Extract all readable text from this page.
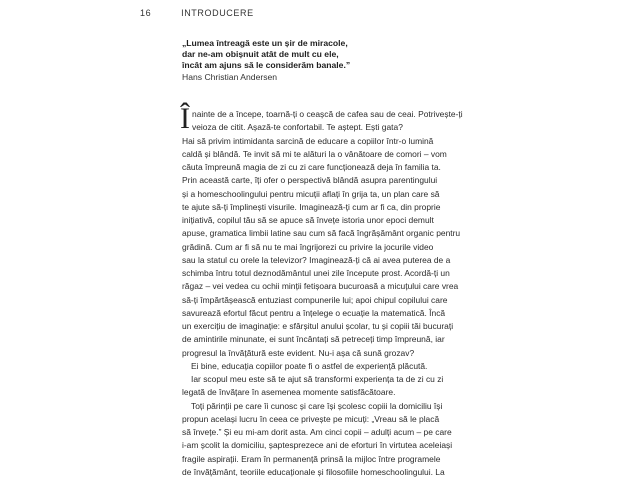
16	INTRODUCERE
„Lumea întreagă este un șir de miracole,
dar ne-am obișnuit atât de mult cu ele,
încât am ajuns să le considerăm banale.”
Hans Christian Andersen
Î nainte de a începe, toarnă-ți o ceașcă de cafea sau de ceai. Potrivește-ți
veioza de citit. Așază-te confortabil. Te aștept. Ești gata?
Hai să privim intimidanta sarcină de educare a copiilor într-o lumină
caldă și blândă. Te invit să mi te alături la o vânătoare de comori – vom
căuta împreună magia de zi cu zi care funcționează deja în familia ta.
Prin această carte, îți ofer o perspectivă blândă asupra parentingului
și a homeschoolingului pentru micuții aflați în grija ta, un plan care să
te ajute să-ți împlinești visurile. Imaginează-ți cum ar fi ca, din proprie
inițiativă, copilul tău să se apuce să învețe istoria unor epoci demult
apuse, gramatica limbii latine sau cum să facă îngrășământ organic pentru
grădină. Cum ar fi să nu te mai îngrijorezi cu privire la jocurile video
sau la statul cu orele la televizor? Imaginează-ți că ai avea puterea de a
schimba întru totul deznodământul unei zile începute prost. Acordă-ți un
răgaz – vei vedea cu ochii minții fetișoara bucuroasă a micuțului care vrea
să-ți împărtășească entuziast compunerile lui; apoi chipul copilului care
savurează efortul făcut pentru a înțelege o ecuație la matematică. Încă
un exercițiu de imaginație: e sfârșitul anului școlar, tu și copiii tăi bucurați
de amintirile minunate, ei sunt încântați să petreceți timp împreună, iar
progresul la învățătură este evident. Nu-i așa că sună grozav?
Ei bine, educația copiilor poate fi o astfel de experiență plăcută.
Iar scopul meu este să te ajut să transformi experiența ta de zi cu zi
legată de învățare în asemenea momente satisfăcătoare.
Toți părinții pe care îi cunosc și care își școlesc copiii la domiciliu își
propun același lucru în ceea ce privește pe micuți: „Vreau să le placă
să învețe.” Și eu mi-am dorit asta. Am cinci copii – adulți acum – pe care
i-am școlit la domiciliu, șaptesprezece ani de eforturi în virtutea aceleiași
fragile aspirații. Eram în permanență prinsă la mijloc între programele
de învățământ, teoriile educaționale și filosofiile homeschoolingului. La
